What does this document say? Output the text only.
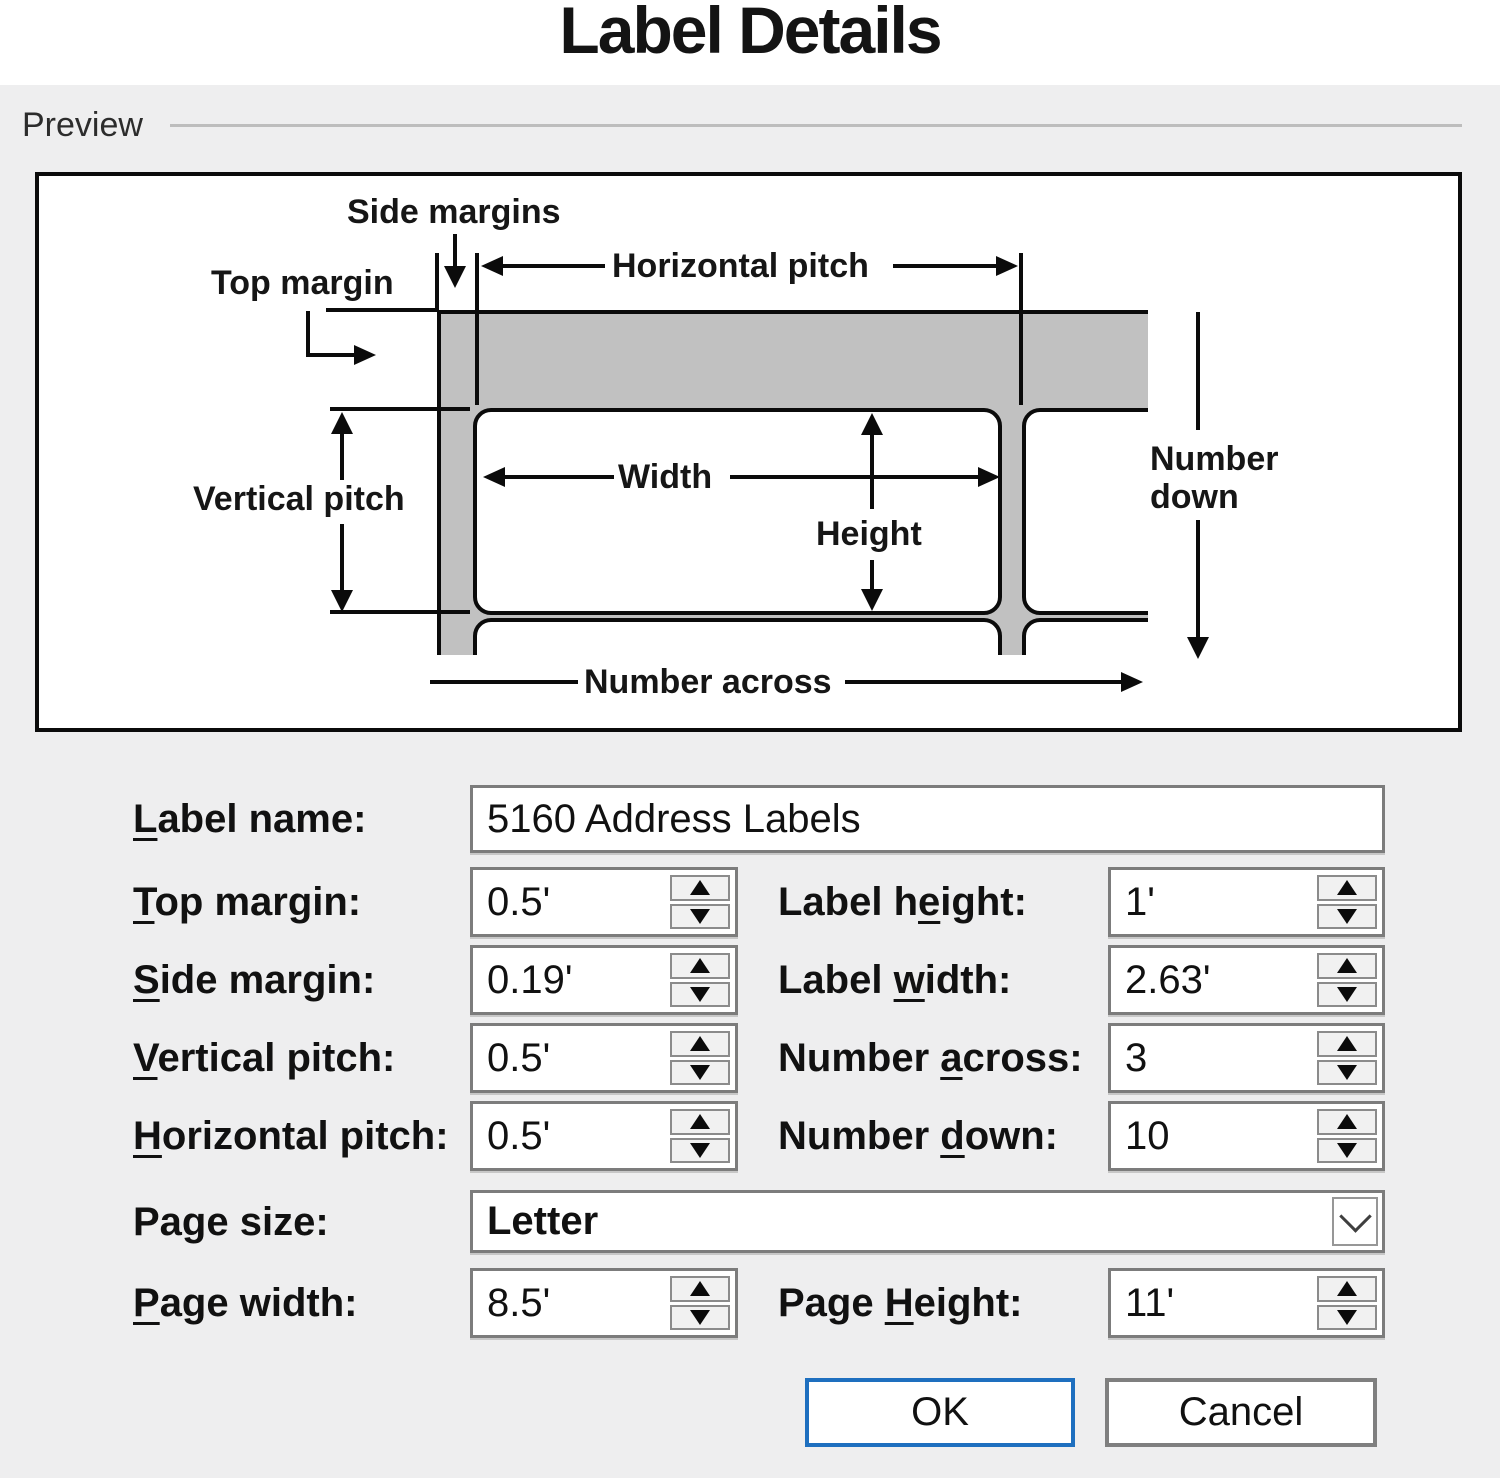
Label Details
Preview
Side margins
Top margin	Horizontal pitch
Vertical pitch
Width
Height
Number
down
Number across
Label name:	5160 Address Labels
Top margin:	0.5'	Label height: 1'
Side margin:	0.19'	Label width:	2.63'
Vertical pitch: 0.5'	Number across: 3
Horizontal pitch: 0.5'	Number down: 10
Page size:	Letter
Page width:	8.5'	Page Height:	11'
OK	Cancel
